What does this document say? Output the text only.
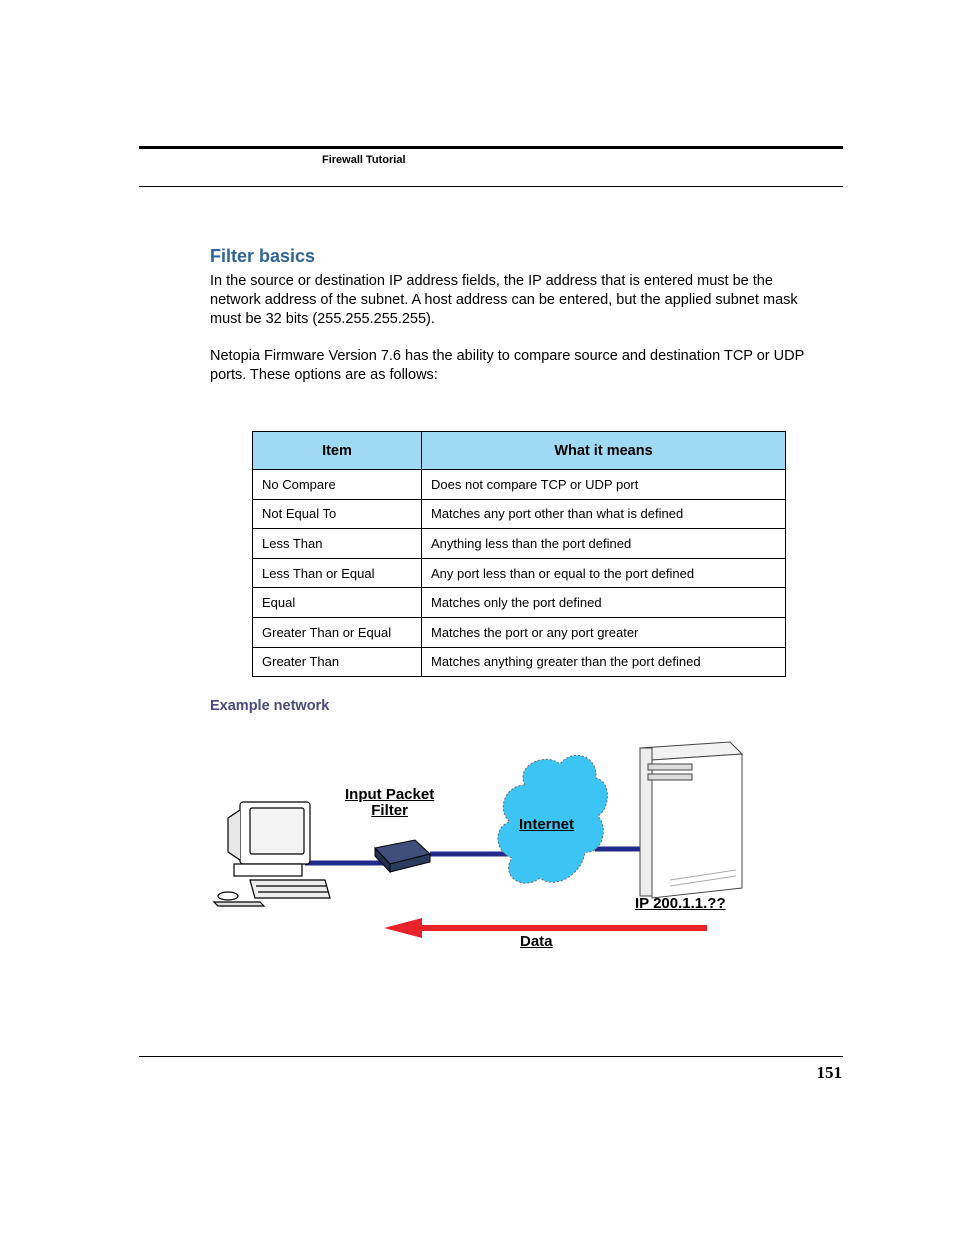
Firewall Tutorial
Filter basics

In the source or destination IP address fields, the IP address that is entered must be the network address of the subnet. A host address can be entered, but the applied subnet mask must be 32 bits (255.255.255.255).

Netopia Firmware Version 7.6 has the ability to compare source and destination TCP or UDP ports. These options are as follows:

Item	What it means
No Compare	Does not compare TCP or UDP port
Not Equal To	Matches any port other than what is defined
Less Than	Anything less than the port defined
Less Than or Equal	Any port less than or equal to the port defined
Equal	Matches only the port defined
Greater Than or Equal	Matches the port or any port greater
Greater Than	Matches anything greater than the port defined
Example network
Input Packet
Filter
Internet
IP 200.1.1.??
Data
151
